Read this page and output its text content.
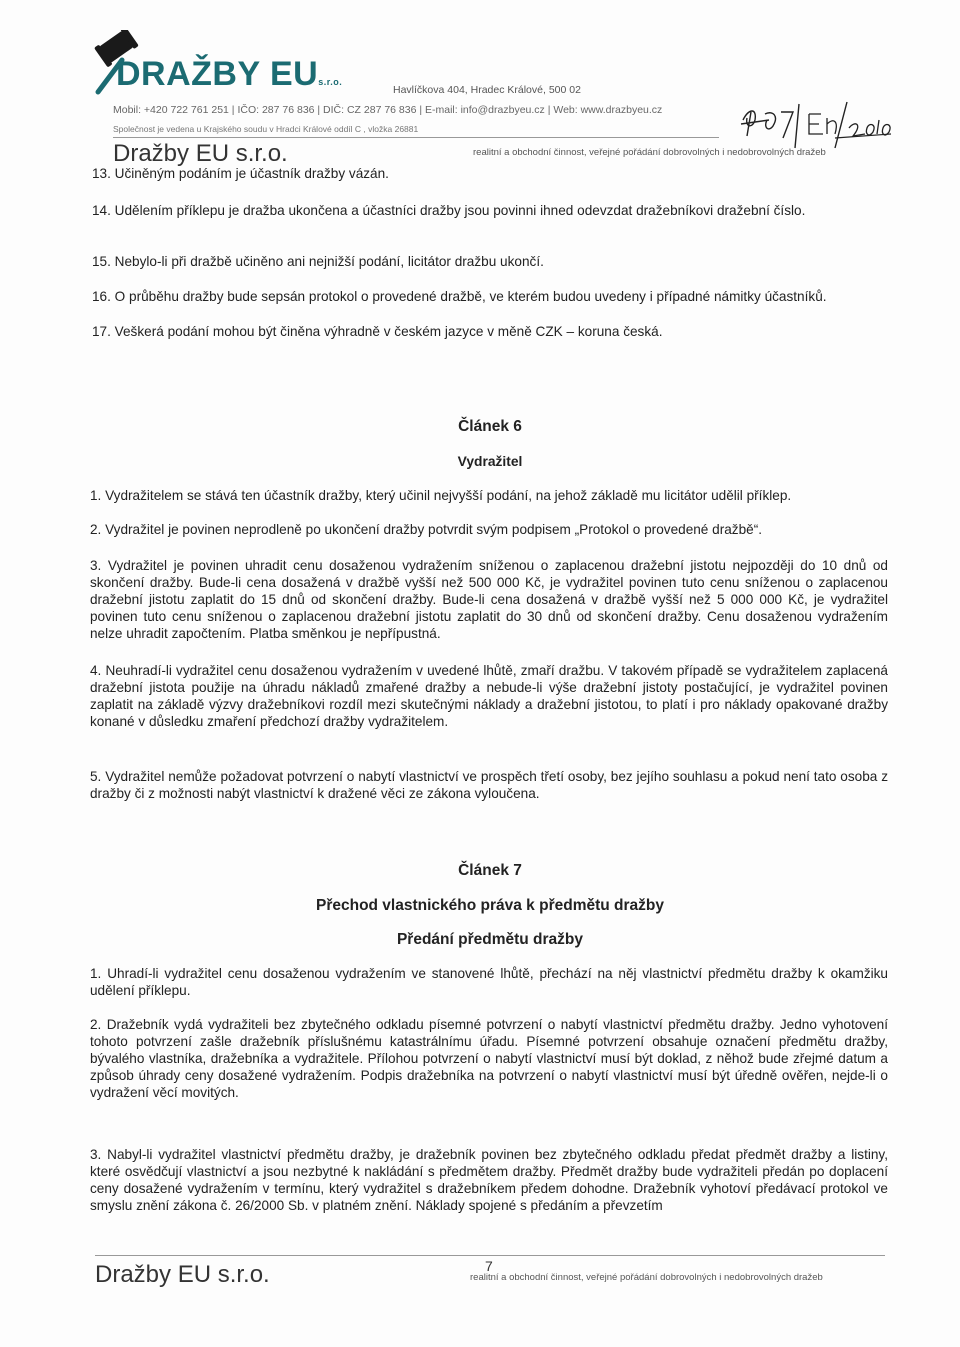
DRAŽBY EUs.r.o.
Havlíčkova 404, Hradec Králové, 500 02
Mobil: +420 722 761 251 | IČO: 287 76 836 | DIČ: CZ 287 76 836 | E-mail: info@drazbyeu.cz | Web: www.drazbyeu.cz
Společnost je vedena u Krajského soudu v Hradci Králové oddíl C , vložka 26881
Dražby EU s.r.o.	realitní a obchodní činnost, veřejné pořádání dobrovolných i nedobrovolných dražeb
13. Učiněným podáním je účastník dražby vázán.
14. Udělením příklepu je dražba ukončena a účastníci dražby jsou povinni ihned odevzdat dražebníkovi dražební číslo.
15. Nebylo-li při dražbě učiněno ani nejnižší podání, licitátor dražbu ukončí.
16. O průběhu dražby bude sepsán protokol o provedené dražbě, ve kterém budou uvedeny i případné námitky účastníků.
17. Veškerá podání mohou být činěna výhradně v českém jazyce v měně CZK – koruna česká.
Článek 6
Vydražitel
1. Vydražitelem se stává ten účastník dražby, který učinil nejvyšší podání, na jehož základě mu licitátor udělil příklep.
2. Vydražitel je povinen neprodleně po ukončení dražby potvrdit svým podpisem „Protokol o provedené dražbě“.
3. Vydražitel je povinen uhradit cenu dosaženou vydražením sníženou o zaplacenou dražební jistotu nejpozději do 10 dnů od skončení dražby. Bude-li cena dosažená v dražbě vyšší než 500 000 Kč, je vydražitel povinen tuto cenu sníženou o zaplacenou dražební jistotu zaplatit do 15 dnů od skončení dražby. Bude-li cena dosažená v dražbě vyšší než 5 000 000 Kč, je vydražitel povinen tuto cenu sníženou o zaplacenou dražební jistotu zaplatit do 30 dnů od skončení dražby. Cenu dosaženou vydražením nelze uhradit započtením. Platba směnkou je nepřípustná.
4. Neuhradí-li vydražitel cenu dosaženou vydražením v uvedené lhůtě, zmaří dražbu. V takovém případě se vydražitelem zaplacená dražební jistota použije na úhradu nákladů zmařené dražby a nebude-li výše dražební jistoty postačující, je vydražitel povinen zaplatit na základě výzvy dražebníkovi rozdíl mezi skutečnými náklady a dražební jistotou, to platí i pro náklady opakované dražby konané v důsledku zmaření předchozí dražby vydražitelem.
5. Vydražitel nemůže požadovat potvrzení o nabytí vlastnictví ve prospěch třetí osoby, bez jejího souhlasu a pokud není tato osoba z dražby či z možnosti nabýt vlastnictví k dražené věci ze zákona vyloučena.
Článek 7
Přechod vlastnického práva k předmětu dražby
Předání předmětu dražby
1. Uhradí-li vydražitel cenu dosaženou vydražením ve stanovené lhůtě, přechází na něj vlastnictví předmětu dražby k okamžiku udělení příklepu.
2. Dražebník vydá vydražiteli bez zbytečného odkladu písemné potvrzení o nabytí vlastnictví předmětu dražby. Jedno vyhotovení tohoto potvrzení zašle dražebník příslušnému katastrálnímu úřadu. Písemné potvrzení obsahuje označení předmětu dražby, bývalého vlastníka, dražebníka a vydražitele. Přílohou potvrzení o nabytí vlastnictví musí být doklad, z něhož bude zřejmé datum a způsob úhrady ceny dosažené vydražením. Podpis dražebníka na potvrzení o nabytí vlastnictví musí být úředně ověřen, nejde-li o vydražení věcí movitých.
3. Nabyl-li vydražitel vlastnictví předmětu dražby, je dražebník povinen bez zbytečného odkladu předat předmět dražby a listiny, které osvědčují vlastnictví a jsou nezbytné k nakládání s předmětem dražby. Předmět dražby bude vydražiteli předán po doplacení ceny dosažené vydražením v termínu, který vydražitel s dražebníkem předem dohodne. Dražebník vyhotoví předávací protokol ve smyslu znění zákona č. 26/2000 Sb. v platném znění. Náklady spojené s předáním a převzetím
Dražby EU s.r.o.	realitní a obchodní činnost, veřejné pořádání dobrovolných i nedobrovolných dražeb
7
